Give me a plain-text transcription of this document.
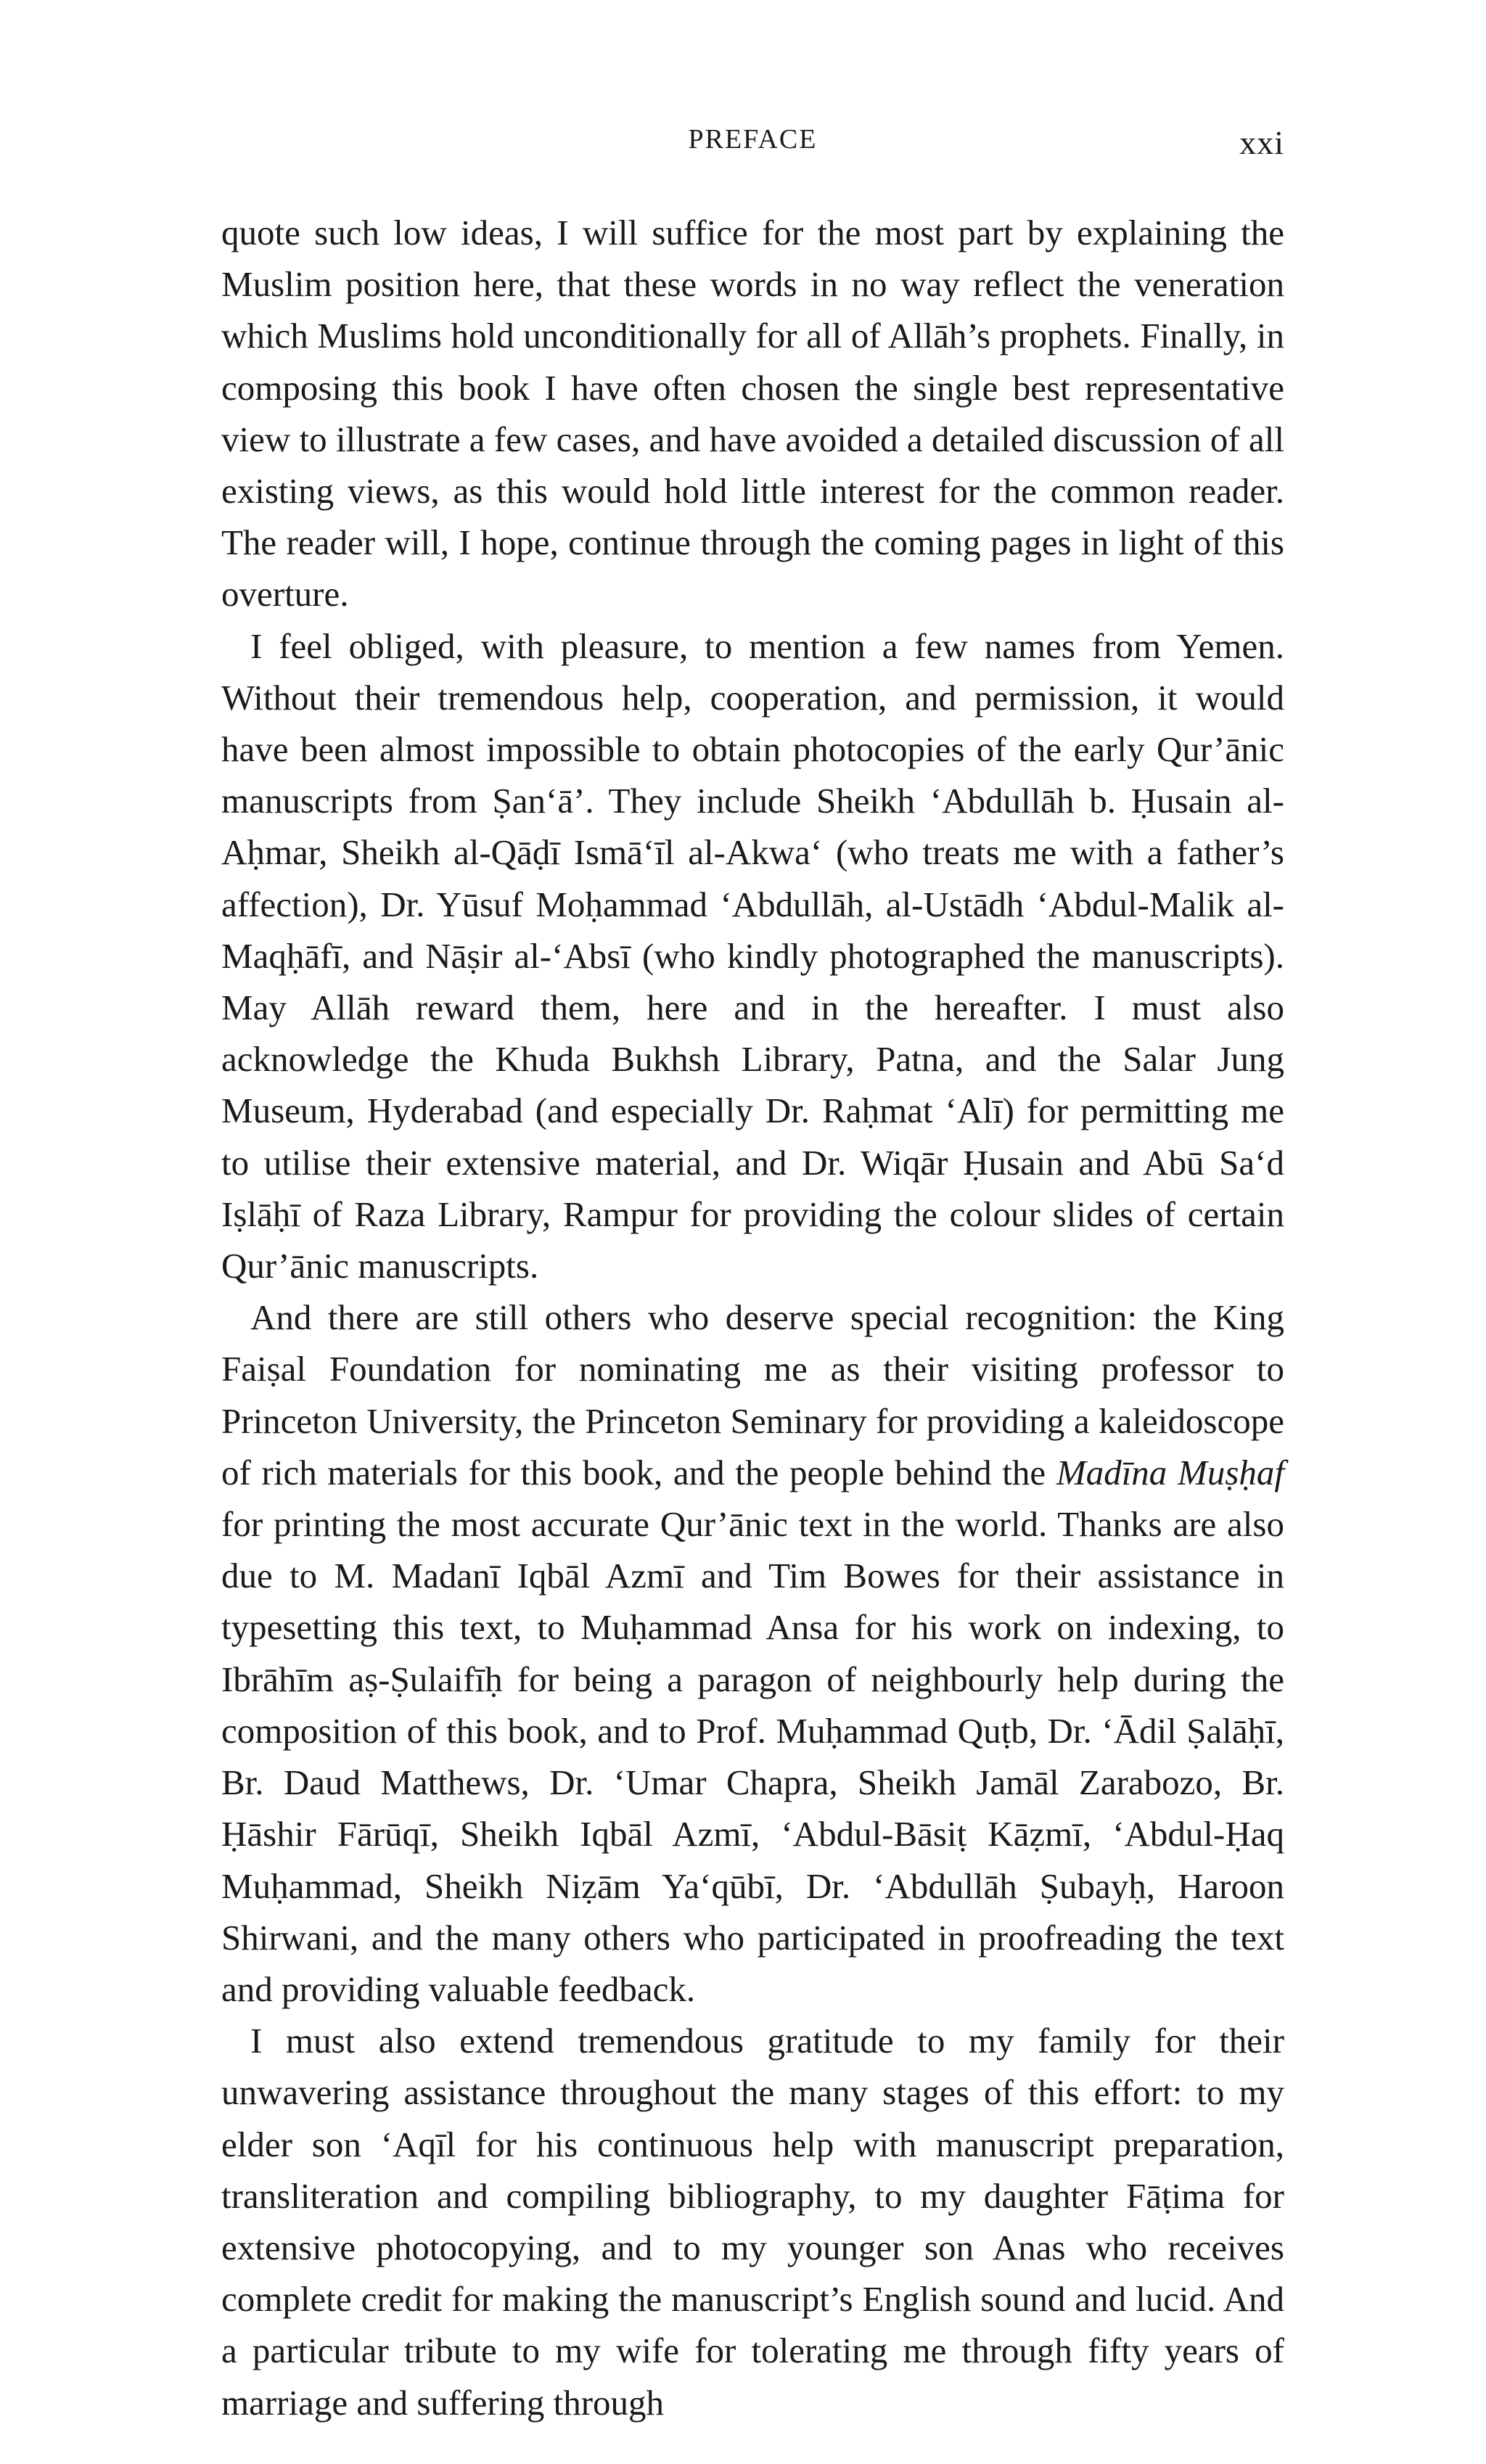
PREFACE	xxi

quote such low ideas, I will suffice for the most part by explaining the Muslim position here, that these words in no way reflect the veneration which Muslims hold unconditionally for all of Allāh’s prophets. Finally, in composing this book I have often chosen the single best representative view to illustrate a few cases, and have avoided a detailed discussion of all existing views, as this would hold little interest for the common reader. The reader will, I hope, continue through the coming pages in light of this overture.

I feel obliged, with pleasure, to mention a few names from Yemen. Without their tremendous help, cooperation, and permission, it would have been almost impossible to obtain photocopies of the early Qur’ānic manuscripts from Ṣan‘ā’. They include Sheikh ‘Abdullāh b. Ḥusain al-Aḥmar, Sheikh al-Qāḍī Ismā‘īl al-Akwa‘ (who treats me with a father’s affection), Dr. Yūsuf Moḥammad ‘Abdullāh, al-Ustādh ‘Abdul-Malik al-Maqḥāfī, and Nāṣir al-‘Absī (who kindly photographed the manuscripts). May Allāh reward them, here and in the hereafter. I must also acknowledge the Khuda Bukhsh Library, Patna, and the Salar Jung Museum, Hyderabad (and especially Dr. Raḥmat ‘Alī) for permitting me to utilise their extensive material, and Dr. Wiqār Ḥusain and Abū Sa‘d Iṣlāḥī of Raza Library, Rampur for providing the colour slides of certain Qur’ānic manuscripts.

And there are still others who deserve special recognition: the King Faiṣal Foundation for nominating me as their visiting professor to Princeton University, the Princeton Seminary for providing a kaleidoscope of rich materials for this book, and the people behind the Madīna Muṣḥaf for printing the most accurate Qur’ānic text in the world. Thanks are also due to M. Madanī Iqbāl Azmī and Tim Bowes for their assistance in typesetting this text, to Muḥammad Ansa for his work on indexing, to Ibrāhīm aṣ-Ṣulaifīḥ for being a paragon of neighbourly help during the composition of this book, and to Prof. Muḥammad Quṭb, Dr. ‘Ādil Ṣalāḥī, Br. Daud Matthews, Dr. ‘Umar Chapra, Sheikh Jamāl Zarabozo, Br. Ḥāshir Fārūqī, Sheikh Iqbāl Azmī, ‘Abdul-Bāsiṭ Kāẓmī, ‘Abdul-Ḥaq Muḥammad, Sheikh Niẓām Ya‘qūbī, Dr. ‘Abdullāh Ṣubayḥ, Haroon Shirwani, and the many others who participated in proofreading the text and providing valuable feedback.

I must also extend tremendous gratitude to my family for their unwavering assistance throughout the many stages of this effort: to my elder son ‘Aqīl for his continuous help with manuscript preparation, transliteration and compiling bibliography, to my daughter Fāṭima for extensive photocopying, and to my younger son Anas who receives complete credit for making the manuscript’s English sound and lucid. And a particular tribute to my wife for tolerating me through fifty years of marriage and suffering through
